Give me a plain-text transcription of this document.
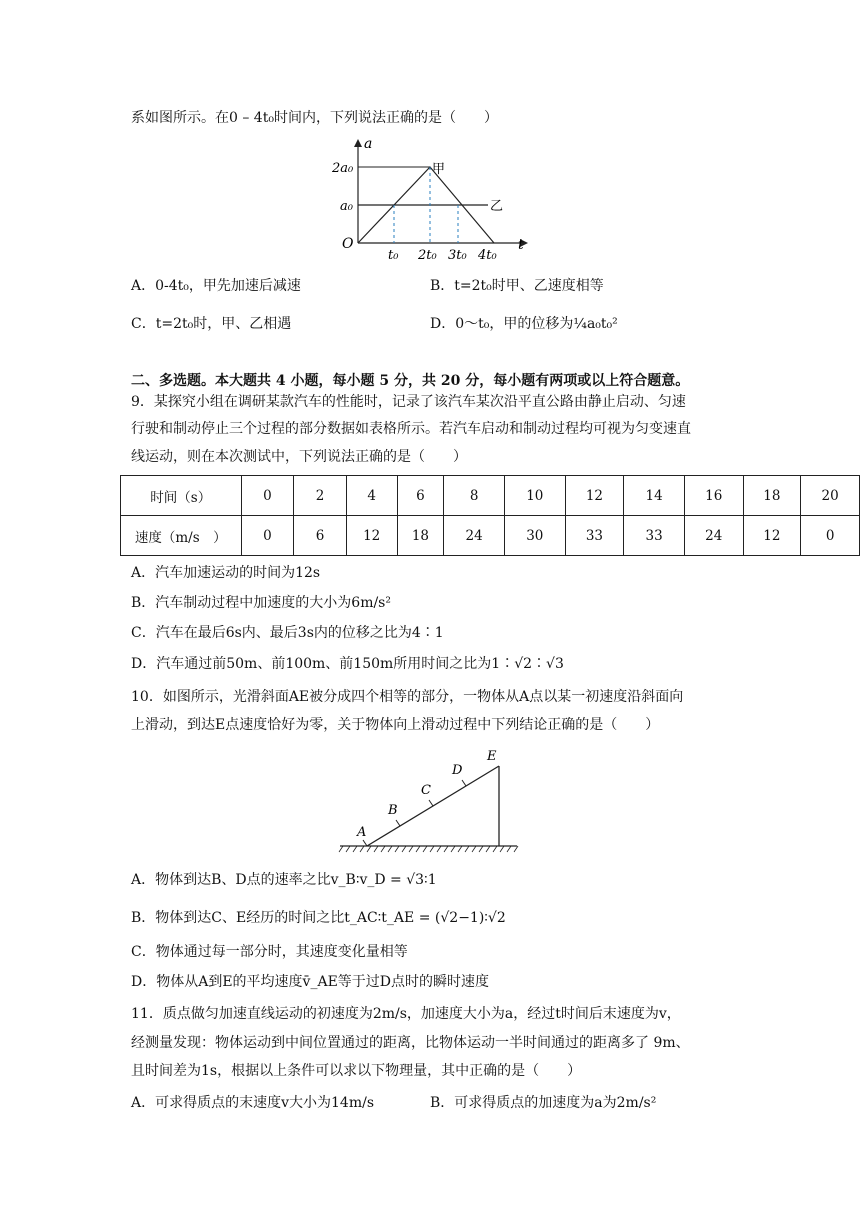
系如图所示。在0 – 4t₀时间内，下列说法正确的是（　　）
a
t
O
2a₀
a₀
t₀ 2t₀ 3t₀ 4t₀
甲
乙
A．0-4t₀，甲先加速后减速	B．t=2t₀时甲、乙速度相等
C．t=2t₀时，甲、乙相遇	D．0～t₀，甲的位移为¼a₀t₀²
二、多选题。本大题共 4 小题，每小题 5 分，共 20 分，每小题有两项或以上符合题意。
9．某探究小组在调研某款汽车的性能时，记录了该汽车某次沿平直公路由静止启动、匀速
行驶和制动停止三个过程的部分数据如表格所示。若汽车启动和制动过程均可视为匀变速直
线运动，则在本次测试中，下列说法正确的是（　　）
时间（s）	0	2	4	6	8	10	12	14	16	18	20
速度（m/s　）	0	6	12	18	24	30	33	33	24	12	0
A．汽车加速运动的时间为12s
B．汽车制动过程中加速度的大小为6m/s²
C．汽车在最后6s内、最后3s内的位移之比为4∶1
D．汽车通过前50m、前100m、前150m所用时间之比为1∶√2∶√3
10．如图所示，光滑斜面AE被分成四个相等的部分，一物体从A点以某一初速度沿斜面向
上滑动，到达E点速度恰好为零，关于物体向上滑动过程中下列结论正确的是（　　）
A
B
C
D
E
A．物体到达B、D点的速率之比v_B∶v_D = √3∶1
B．物体到达C、E经历的时间之比t_AC∶t_AE = (√2−1)∶√2
C．物体通过每一部分时，其速度变化量相等
D．物体从A到E的平均速度v̄_AE等于过D点时的瞬时速度
11．质点做匀加速直线运动的初速度为2m/s，加速度大小为a，经过t时间后末速度为v，
经测量发现：物体运动到中间位置通过的距离，比物体运动一半时间通过的距离多了 9m、
且时间差为1s，根据以上条件可以求以下物理量，其中正确的是（　　）
A．可求得质点的末速度v大小为14m/s	B．可求得质点的加速度为a为2m/s²
